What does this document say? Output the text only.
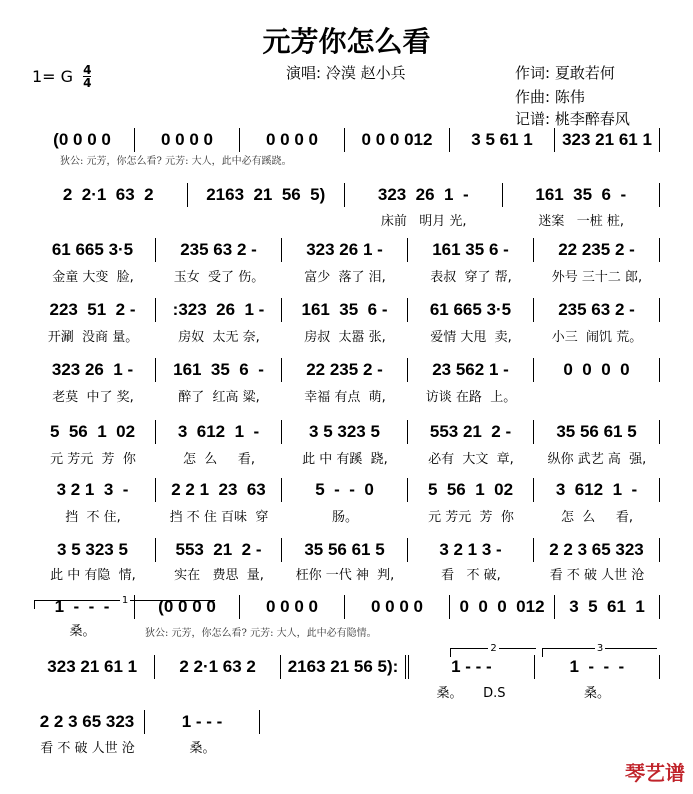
元芳你怎么看
1= G $\frac{4}{4}$	演唱: 冷漠 赵小兵	作词: 夏敢若何
作曲: 陈伟
记谱: 桃李醉春风
狄公: 元芳，你怎么看? 元芳: 大人，此中必有蹊跷。
狄公: 元芳，你怎么看? 元芳: 大人，此中必有隐情。
1
2	3
(0 0 0 0	0 0 0 0	0 0 0 0	0 0 0 012	3 5 61 1	323 21 61 1
2  2·1  63  2	2163  21  56  5)	323  26  1  -	161  35  6  -
床前   明月 光,	迷案   一桩 桩,
61 665 3·5	235 63 2 -	323 26 1 -	161 35 6 -	22 235 2 -
金童 大变  脸,	玉女  受了 伤。	富少  落了 泪,	表叔  穿了 帮,	外号 三十二 郎,
223  51  2 -	:323  26  1 -	161  35  6 -	61 665 3·5	235 63 2 -
开涮  没商 量。	房奴  太无 奈,	房叔  太嚣 张,	爱情 大甩  卖,	小三  闹饥 荒。
323 26  1 -	161  35  6  -	22 235 2 -	23 562 1 -	0  0  0  0
老莫  中了 奖,	醉了  红高 粱,	幸福 有点  萌,	访谈 在路  上。
5  56  1  02	3  612  1  -	3 5 323 5	553 21  2 -	35 56 61 5
元 芳元  芳  你	怎  么     看,	此 中 有蹊  跷,	必有  大文  章,	纵你 武艺 高  强,
3 2 1  3  -	2 2 1  23  63	5  -  -  0	5  56  1  02	3  612  1  -
挡  不 住,	挡 不 住 百味  穿	肠。	元 芳元  芳  你	怎  么     看,
3 5 323 5	553  21  2 -	35 56 61 5	3 2 1 3 -	2 2 3 65 323
此 中 有隐  情,	实在   费思  量,	枉你 一代 神  判,	看   不 破,	看 不 破 人世 沧
1  -  -  -	(0 0 0 0	0 0 0 0	0 0 0 0	0  0  0  012	3  5  61  1
桑。
323 21 61 1	2 2·1 63 2	2163 21 56 5):	1 - - -	1  -  -  -
桑。     D.S	桑。
2 2 3 65 323	1 - - -
看 不 破 人世 沧	桑。
琴艺谱
